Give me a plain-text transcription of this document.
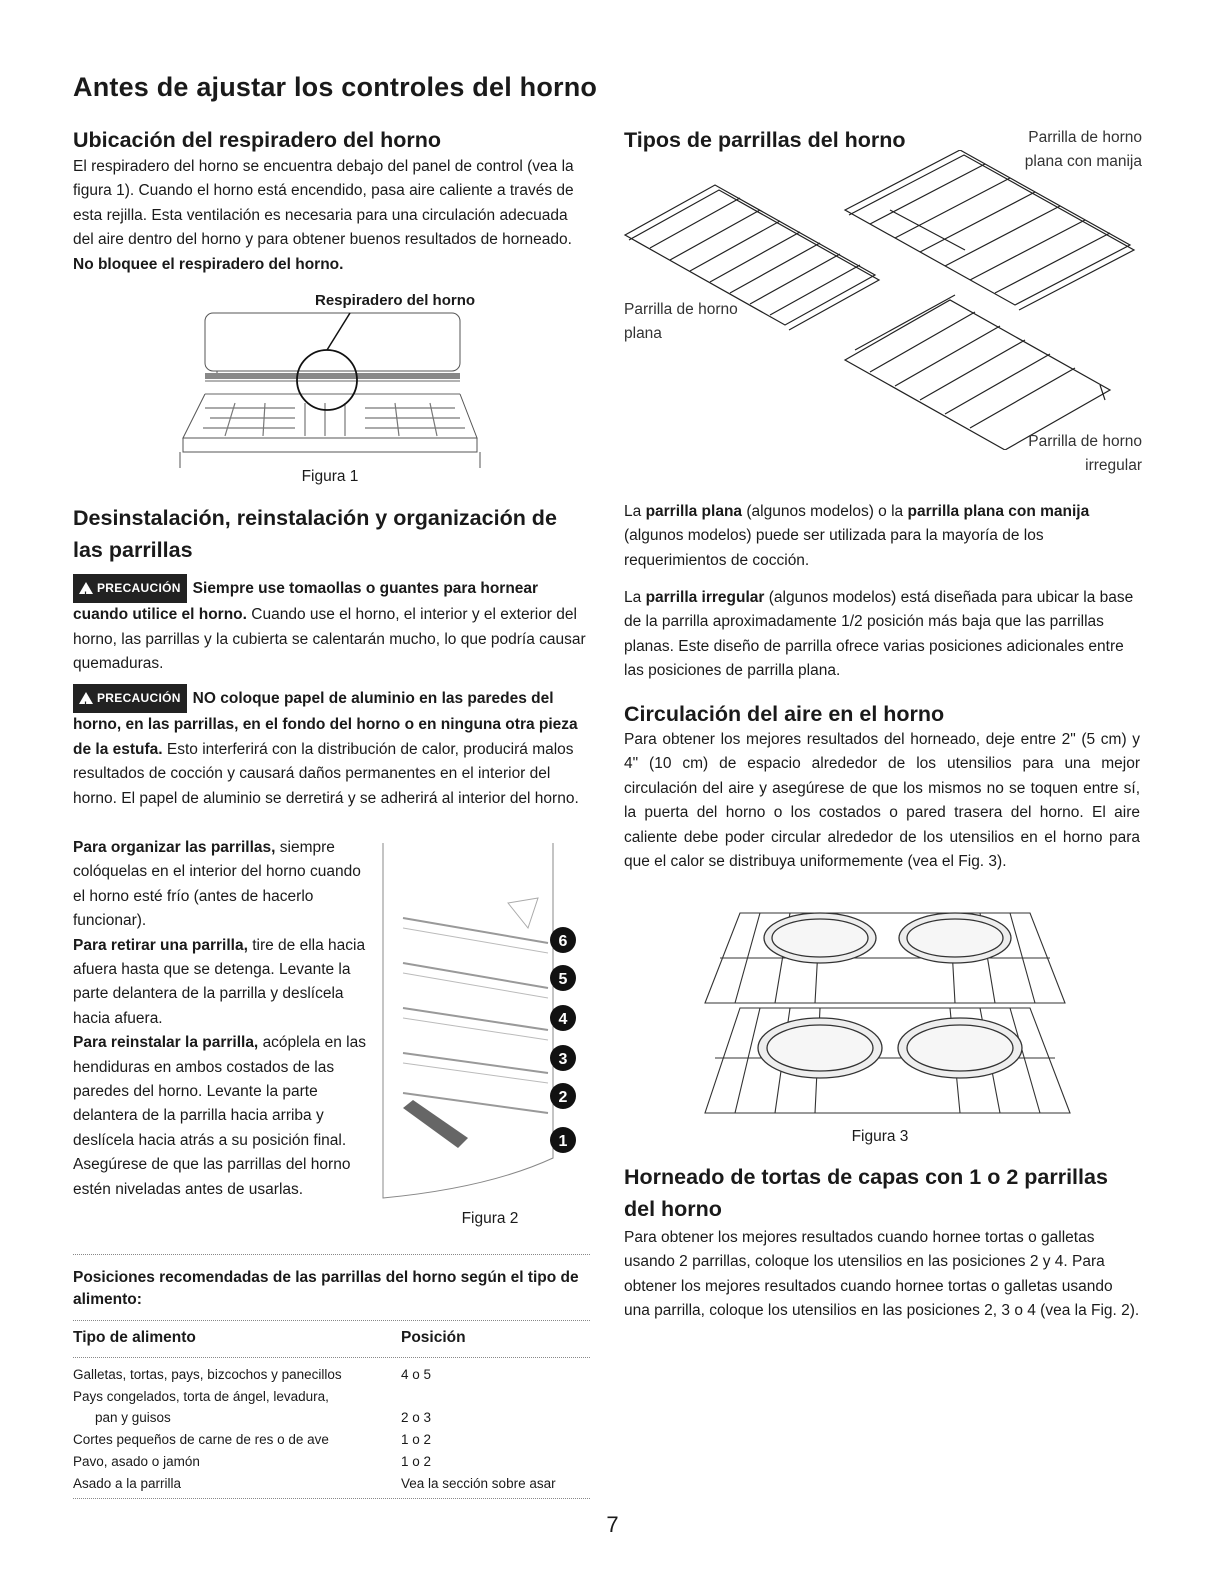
Antes de ajustar los controles del horno
Ubicación del respiradero del horno

El respiradero del horno se encuentra debajo del panel de control (vea la figura 1). Cuando el horno está encendido, pasa aire caliente a través de esta rejilla. Esta ventilación es necesaria para una circulación adecuada del aire dentro del horno y para obtener buenos resultados de horneado. No bloquee el respiradero del horno.

Respiradero del horno
Figura 1
Desinstalación, reinstalación y organización de las parrillas

!PRECAUCIÓN Siempre use tomaollas o guantes para hornear cuando utilice el horno. Cuando use el horno, el interior y el exterior del horno, las parrillas y la cubierta se calentarán mucho, lo que podría causar quemaduras.

!PRECAUCIÓN NO coloque papel de aluminio en las paredes del horno, en las parrillas, en el fondo del horno o en ninguna otra pieza de la estufa. Esto interferirá con la distribución de calor, producirá malos resultados de cocción y causará daños permanentes en el interior del horno. El papel de aluminio se derretirá y se adherirá al interior del horno.

Para organizar las parrillas, siempre colóquelas en el interior del horno cuando el horno esté frío (antes de hacerlo funcionar).
Para retirar una parrilla, tire de ella hacia afuera hasta que se detenga. Levante la parte delantera de la parrilla y deslícela hacia afuera.
Para reinstalar la parrilla, acóplela en las hendiduras en ambos costados de las paredes del horno. Levante la parte delantera de la parrilla hacia arriba y deslícela hacia atrás a su posición final. Asegúrese de que las parrillas del horno estén niveladas antes de usarlas.

6
5
4
3
2
1
Figura 2
Posiciones recomendadas de las parrillas del horno según el tipo de alimento:
Tipo de alimento	Posición
Galletas, tortas, pays, bizcochos y panecillos	4 o 5
Pays congelados, torta de ángel, levadura,
pan y guisos	2 o 3
Cortes pequeños de carne de res o de ave	1 o 2
Pavo, asado o jamón	1 o 2
Asado a la parrilla	Vea la sección sobre asar
Tipos de parrillas del horno	Parrilla de horno plana con manija
Parrilla de horno plana
Parrilla de horno irregular

La parrilla plana (algunos modelos) o la parrilla plana con manija (algunos modelos) puede ser utilizada para la mayoría de los requerimientos de cocción.

La parrilla irregular (algunos modelos) está diseñada para ubicar la base de la parrilla aproximadamente 1/2 posición más baja que las parrillas planas. Este diseño de parrilla ofrece varias posiciones adicionales entre las posiciones de parrilla plana.

Circulación del aire en el horno

Para obtener los mejores resultados del horneado, deje entre 2" (5 cm) y 4" (10 cm) de espacio alrededor de los utensilios para una mejor circulación del aire y asegúrese de que los mismos no se toquen entre sí, la puerta del horno o los costados o pared trasera del horno. El aire caliente debe poder circular alrededor de los utensilios en el horno para que el calor se distribuya uniformemente (vea el Fig. 3).

Figura 3
Horneado de tortas de capas con 1 o 2 parrillas del horno

Para obtener los mejores resultados cuando hornee tortas o galletas usando 2 parrillas, coloque los utensilios en las posiciones 2 y 4. Para obtener los mejores resultados cuando hornee tortas o galletas usando una parrilla, coloque los utensilios en las posiciones 2, 3 o 4 (vea la Fig. 2).

7
